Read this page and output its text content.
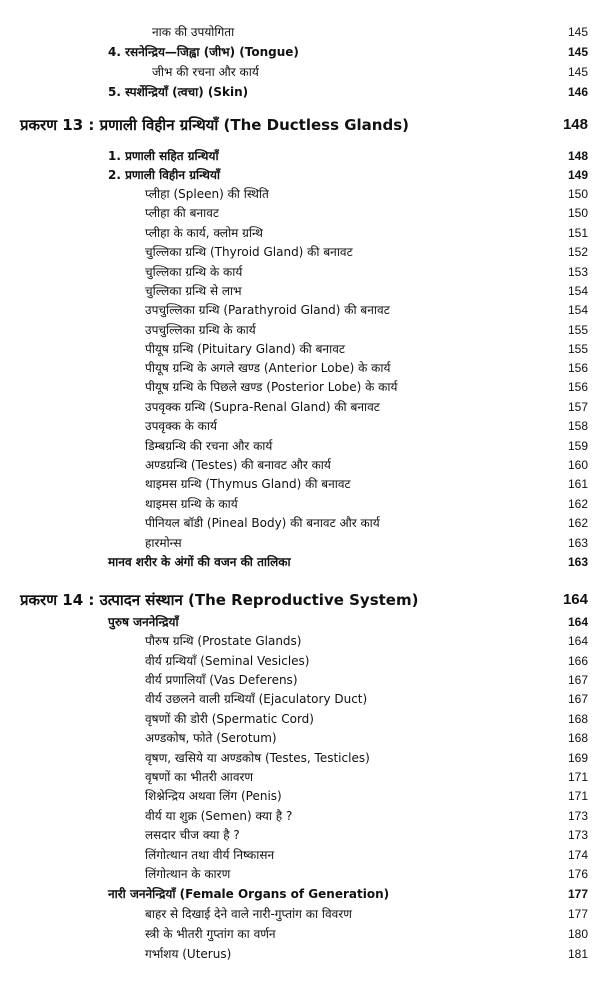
नाक की उपयोगिता	145
4. रसनेन्द्रिय—जिह्वा (जीभ) (Tongue)	145
जीभ की रचना और कार्य	145
5. स्पर्शेन्द्रियाँ (त्वचा) (Skin)	146
प्रकरण 13 : प्रणाली विहीन ग्रन्थियाँ (The Ductless Glands)	148
1. प्रणाली सहित ग्रन्थियाँ	148
2. प्रणाली विहीन ग्रन्थियाँ	149
प्लीहा (Spleen) की स्थिति	150
प्लीहा की बनावट	150
प्लीहा के कार्य, क्लोम ग्रन्थि	151
चुल्लिका ग्रन्थि (Thyroid Gland) की बनावट	152
चुल्लिका ग्रन्थि के कार्य	153
चुल्लिका ग्रन्थि से लाभ	154
उपचुल्लिका ग्रन्थि (Parathyroid Gland) की बनावट	154
उपचुल्लिका ग्रन्थि के कार्य	155
पीयूष ग्रन्थि (Pituitary Gland) की बनावट	155
पीयूष ग्रन्थि के अगले खण्ड (Anterior Lobe) के कार्य	156
पीयूष ग्रन्थि के पिछले खण्ड (Posterior Lobe) के कार्य	156
उपवृक्क ग्रन्थि (Supra-Renal Gland) की बनावट	157
उपवृक्क के कार्य	158
डिम्बग्रन्थि की रचना और कार्य	159
अण्डग्रन्थि (Testes) की बनावट और कार्य	160
थाइमस ग्रन्थि (Thymus Gland) की बनावट	161
थाइमस ग्रन्थि के कार्य	162
पीनियल बॉडी (Pineal Body) की बनावट और कार्य	162
हारमोन्स	163
मानव शरीर के अंगों की वजन की तालिका	163
प्रकरण 14 : उत्पादन संस्थान (The Reproductive System)	164
पुरुष जननेन्द्रियाँ	164
पौरुष ग्रन्थि (Prostate Glands)	164
वीर्य ग्रन्थियाँ (Seminal Vesicles)	166
वीर्य प्रणालियाँ (Vas Deferens)	167
वीर्य उछलने वाली ग्रन्थियाँ (Ejaculatory Duct)	167
वृषणों की डोरी (Spermatic Cord)	168
अण्डकोष, फोते (Serotum)	168
वृषण, खसिये या अण्डकोष (Testes, Testicles)	169
वृषणों का भीतरी आवरण	171
शिश्नेन्द्रिय अथवा लिंग (Penis)	171
वीर्य या शुक्र (Semen) क्या है ?	173
लसदार चीज क्या है ?	173
लिंगोत्थान तथा वीर्य निष्कासन	174
लिंगोत्थान के कारण	176
नारी जननेन्द्रियाँ (Female Organs of Generation)	177
बाहर से दिखाई देने वाले नारी-गुप्तांग का विवरण	177
स्त्री के भीतरी गुप्तांग का वर्णन	180
गर्भाशय (Uterus)	181
